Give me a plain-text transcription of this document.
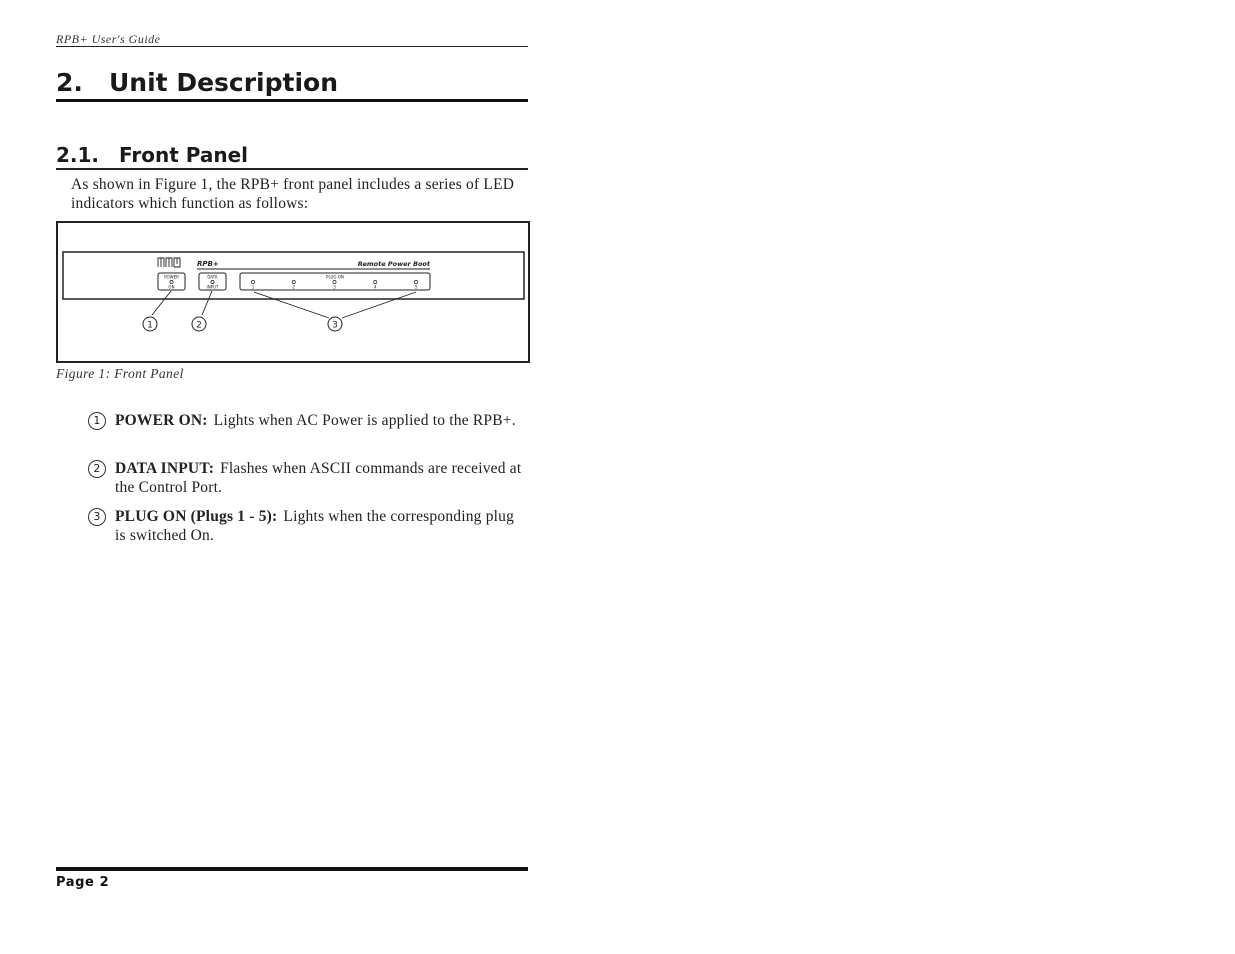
RPB+ User's Guide
2. Unit Description
2.1. Front Panel
As shown in Figure 1, the RPB+ front panel includes a series of LED indicators which function as follows:
RPB+	Remote Power Boot
POWER
ON
DATA
INPUT
PLUG ON
1	2	3	4	5
1	2	3
Figure 1: Front Panel
1 POWER ON: Lights when AC Power is applied to the RPB+.
2 DATA INPUT: Flashes when ASCII commands are received at the Control Port.
3 PLUG ON (Plugs 1 - 5): Lights when the corresponding plug is switched On.
Page 2
